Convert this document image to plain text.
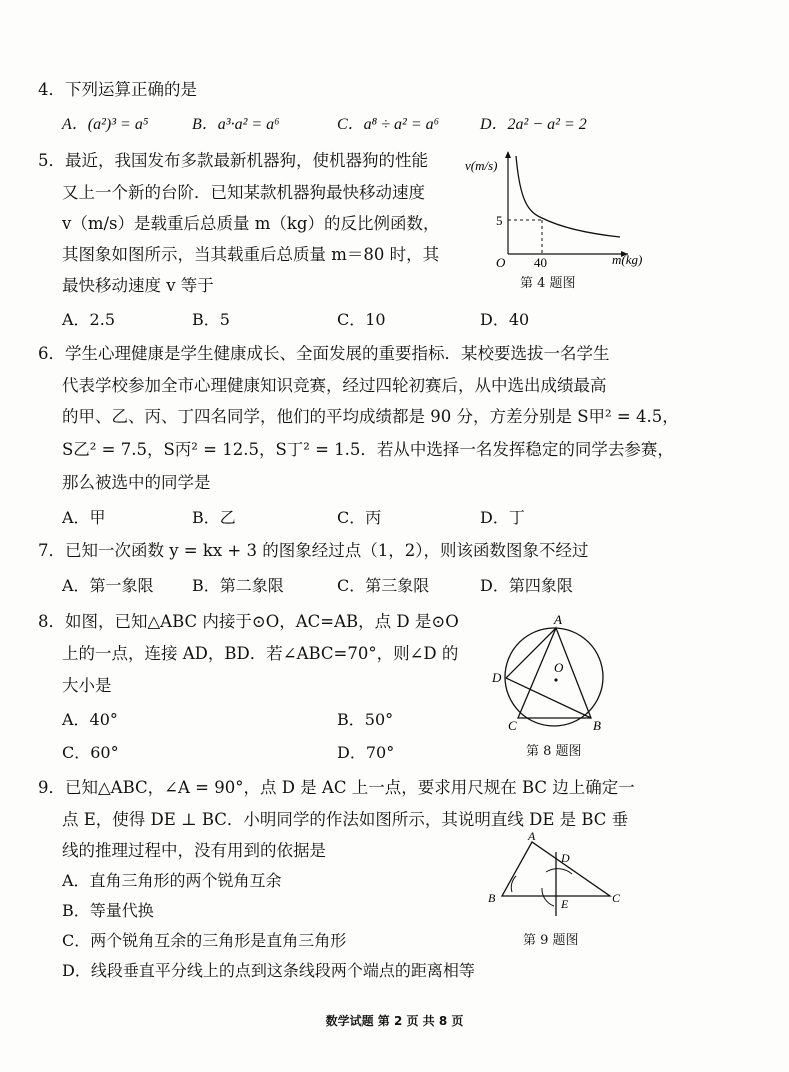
4．下列运算正确的是
A．(a²)³ = a⁵	B．a³·a² = a⁶	C．a⁸ ÷ a² = a⁶	D．2a² − a² = 2
5．最近，我国发布多款最新机器狗，使机器狗的性能
又上一个新的台阶．已知某款机器狗最快移动速度
v（m/s）是载重后总质量 m（kg）的反比例函数，
其图象如图所示，当其载重后总质量 m＝80 时，其
最快移动速度 v 等于
A．2.5	B．5	C．10	D．40
v(m/s)
m(kg)
O
5
40
第 4 题图
6．学生心理健康是学生健康成长、全面发展的重要指标．某校要选拔一名学生
代表学校参加全市心理健康知识竞赛，经过四轮初赛后，从中选出成绩最高
的甲、乙、丙、丁四名同学，他们的平均成绩都是 90 分，方差分别是 S甲² = 4.5，
S乙² = 7.5，S丙² = 12.5，S丁² = 1.5．若从中选择一名发挥稳定的同学去参赛，
那么被选中的同学是
A．甲	B．乙	C．丙	D．丁
7．已知一次函数 y = kx + 3 的图象经过点（1，2），则该函数图象不经过
A．第一象限 B．第二象限	C．第三象限	D．第四象限
8．如图，已知△ABC 内接于⊙O，AC=AB，点 D 是⊙O
上的一点，连接 AD，BD．若∠ABC=70°，则∠D 的
大小是
A．40°	B．50°
C．60°	D．70°
A
B
C
D
O
第 8 题图
9．已知△ABC，∠A = 90°，点 D 是 AC 上一点，要求用尺规在 BC 边上确定一
点 E，使得 DE ⊥ BC．小明同学的作法如图所示，其说明直线 DE 是 BC 垂
线的推理过程中，没有用到的依据是
A．直角三角形的两个锐角互余
B．等量代换
C．两个锐角互余的三角形是直角三角形
D．线段垂直平分线上的点到这条线段两个端点的距离相等
A
B	C
D
E
第 9 题图
数学试题 第 2 页 共 8 页
